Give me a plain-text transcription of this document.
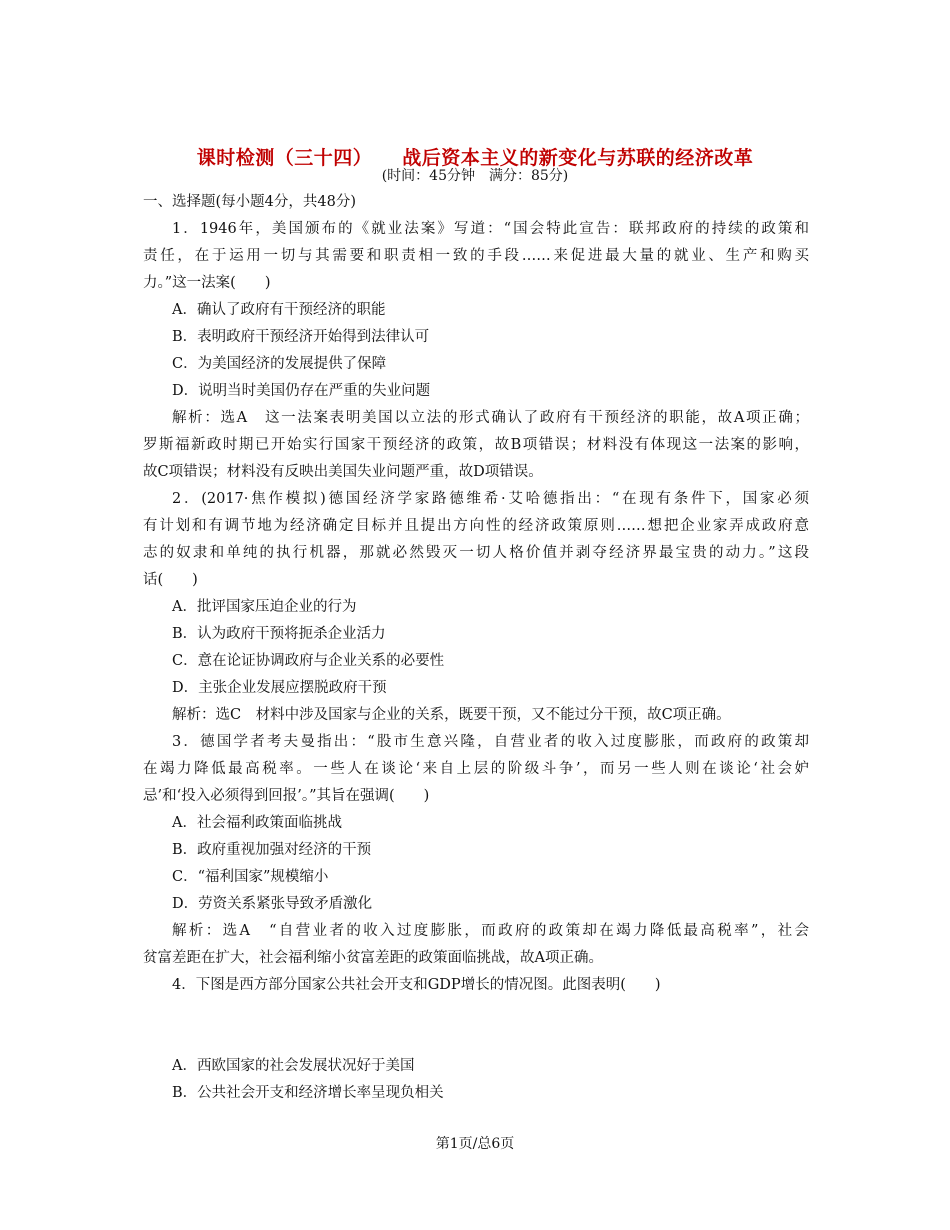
课时检测（三十四） 战后资本主义的新变化与苏联的经济改革
(时间：45分钟　满分：85分)
一、选择题(每小题4分，共48分)
1．1946年，美国颁布的《就业法案》写道：“国会特此宣告：联邦政府的持续的政策和
责任，在于运用一切与其需要和职责相一致的手段……来促进最大量的就业、生产和购买
力。”这一法案(　　)
A．确认了政府有干预经济的职能
B．表明政府干预经济开始得到法律认可
C．为美国经济的发展提供了保障
D．说明当时美国仍存在严重的失业问题
解析：选A　这一法案表明美国以立法的形式确认了政府有干预经济的职能，故A项正确；
罗斯福新政时期已开始实行国家干预经济的政策，故B项错误；材料没有体现这一法案的影响，
故C项错误；材料没有反映出美国失业问题严重，故D项错误。
2．(2017·焦作模拟)德国经济学家路德维希·艾哈德指出：“在现有条件下，国家必须
有计划和有调节地为经济确定目标并且提出方向性的经济政策原则……想把企业家弄成政府意
志的奴隶和单纯的执行机器，那就必然毁灭一切人格价值并剥夺经济界最宝贵的动力。”这段
话(　　)
A．批评国家压迫企业的行为
B．认为政府干预将扼杀企业活力
C．意在论证协调政府与企业关系的必要性
D．主张企业发展应摆脱政府干预
解析：选C　材料中涉及国家与企业的关系，既要干预，又不能过分干预，故C项正确。
3．德国学者考夫曼指出：“股市生意兴隆，自营业者的收入过度膨胀，而政府的政策却
在竭力降低最高税率。一些人在谈论‘来自上层的阶级斗争’，而另一些人则在谈论‘社会妒
忌’和‘投入必须得到回报’。”其旨在强调(　　)
A．社会福利政策面临挑战
B．政府重视加强对经济的干预
C．“福利国家”规模缩小
D．劳资关系紧张导致矛盾激化
解析：选A　“自营业者的收入过度膨胀，而政府的政策却在竭力降低最高税率”，社会
贫富差距在扩大，社会福利缩小贫富差距的政策面临挑战，故A项正确。
4．下图是西方部分国家公共社会开支和GDP增长的情况图。此图表明(　　)
A．西欧国家的社会发展状况好于美国
B．公共社会开支和经济增长率呈现负相关
第1页/总6页
